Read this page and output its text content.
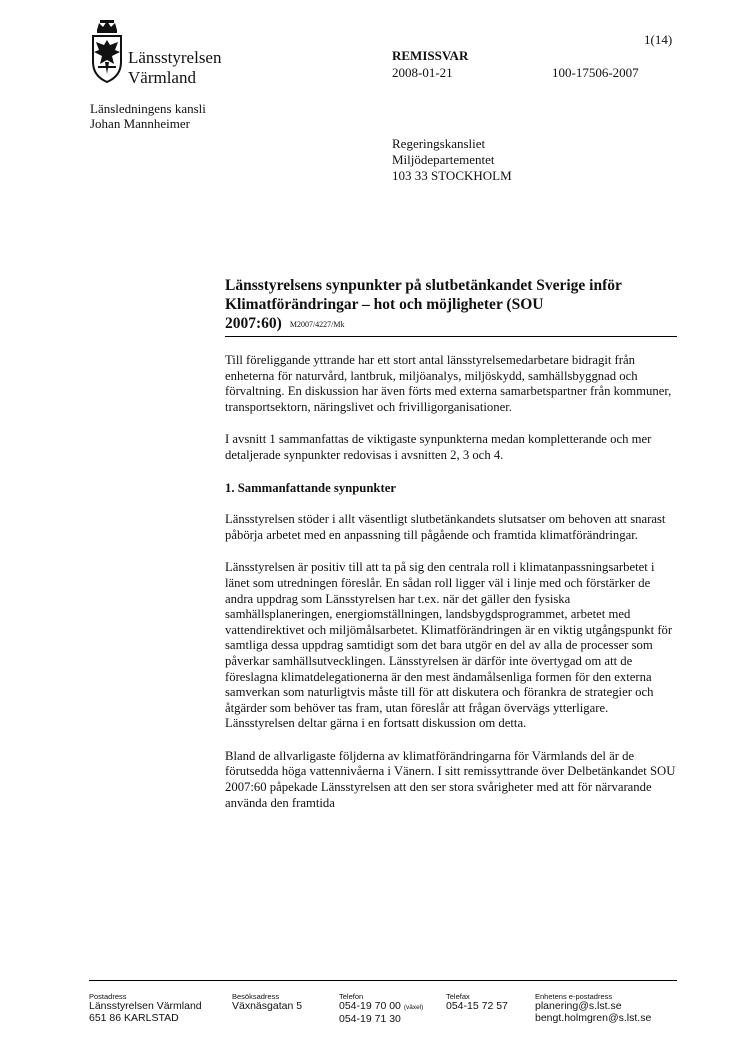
Länsstyrelsen
Värmland
Länsledningens kansli
Johan Mannheimer
1(14)
REMISSVAR
2008-01-21	100-17506-2007
Regeringskansliet
Miljödepartementet
103 33 STOCKHOLM
Länsstyrelsens synpunkter på slutbetänkandet Sverige inför Klimatförändringar – hot och möjligheter (SOU 2007:60) M2007/4227/Mk

Till föreliggande yttrande har ett stort antal länsstyrelsemedarbetare bidragit från enheterna för naturvård, lantbruk, miljöanalys, miljöskydd, samhällsbyggnad och förvaltning. En diskussion har även förts med externa samarbetspartner från kommuner, transportsektorn, näringslivet och frivilligorganisationer.

I avsnitt 1 sammanfattas de viktigaste synpunkterna medan kompletterande och mer detaljerade synpunkter redovisas i avsnitten 2, 3 och 4.

1. Sammanfattande synpunkter

Länsstyrelsen stöder i allt väsentligt slutbetänkandets slutsatser om behoven att snarast påbörja arbetet med en anpassning till pågående och framtida klimatförändringar.

Länsstyrelsen är positiv till att ta på sig den centrala roll i klimatanpassningsarbetet i länet som utredningen föreslår. En sådan roll ligger väl i linje med och förstärker de andra uppdrag som Länsstyrelsen har t.ex. när det gäller den fysiska samhällsplaneringen, energiomställningen, landsbygdsprogrammet, arbetet med vattendirektivet och miljömålsarbetet. Klimatförändringen är en viktig utgångspunkt för samtliga dessa uppdrag samtidigt som det bara utgör en del av alla de processer som påverkar samhällsutvecklingen. Länsstyrelsen är därför inte övertygad om att de föreslagna klimatdelegationerna är den mest ändamålsenliga formen för den externa samverkan som naturligtvis måste till för att diskutera och förankra de strategier och åtgärder som behöver tas fram, utan föreslår att frågan övervägs ytterligare. Länsstyrelsen deltar gärna i en fortsatt diskussion om detta.

Bland de allvarligaste följderna av klimatförändringarna för Värmlands del är de förutsedda höga vattennivåerna i Vänern. I sitt remissyttrande över Delbetänkandet SOU 2007:60 påpekade Länsstyrelsen att den ser stora svårigheter med att för närvarande använda den framtida

Postadress
Länsstyrelsen Värmland
651 86 KARLSTAD
Besöksadress
Växnäsgatan 5
Telefon
054-19 70 00 (växel)
054-19 71 30
Telefax
054-15 72 57
Enhetens e-postadress
planering@s.lst.se
bengt.holmgren@s.lst.se
